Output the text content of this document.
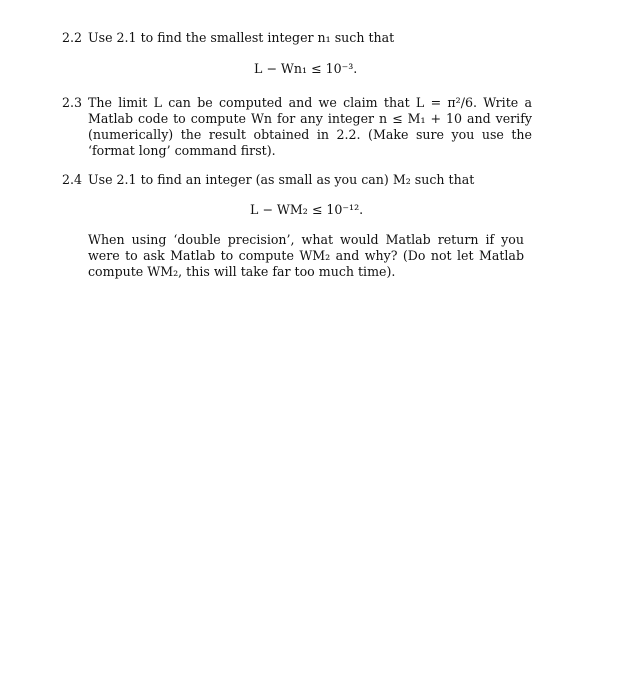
2.2 Use 2.1 to find the smallest integer n₁ such that
L − Wn₁ ≤ 10⁻³.
2.3 The limit L can be computed and we claim that L = π²/6. Write a Matlab code to compute Wn for any integer n ≤ M₁ + 10 and verify (numerically) the result obtained in 2.2. (Make sure you use the ‘format long’ command first).
2.4 Use 2.1 to find an integer (as small as you can) M₂ such that
L − WM₂ ≤ 10⁻¹².
When using ‘double precision’, what would Matlab return if you were to ask Matlab to compute WM₂ and why? (Do not let Matlab compute WM₂, this will take far too much time).
